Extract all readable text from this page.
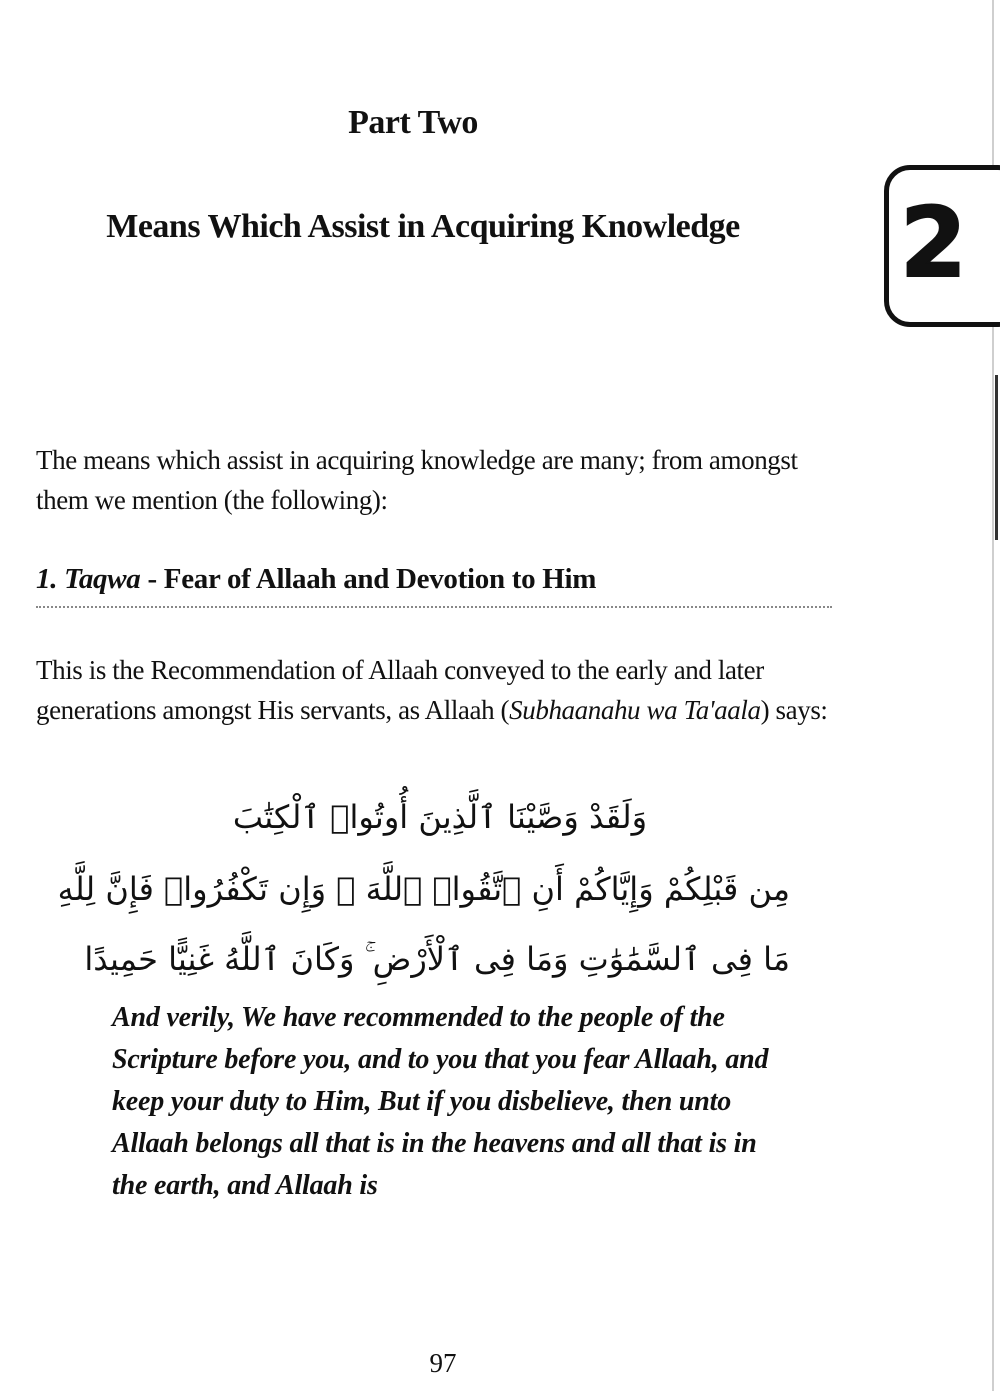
Part Two
Means Which Assist in Acquiring Knowledge	2
The means which assist in acquiring knowledge are many; from amongst them we mention (the following):
1. Taqwa - Fear of Allaah and Devotion to Him
This is the Recommendation of Allaah conveyed to the early and later generations amongst His servants, as Allaah (Subhaanahu wa Ta'aala) says:
وَلَقَدْ وَصَّيْنَا ٱلَّذِينَ أُوتُوا۟ ٱلْكِتَٰبَ
مِن قَبْلِكُمْ وَإِيَّاكُمْ أَنِ ٱتَّقُوا۟ ٱللَّهَ ۚ وَإِن تَكْفُرُوا۟ فَإِنَّ لِلَّهِ
مَا فِى ٱلسَّمَٰوَٰتِ وَمَا فِى ٱلْأَرْضِ ۚ وَكَانَ ٱللَّهُ غَنِيًّا حَمِيدًا
And verily, We have recommended to the people of the Scripture before you, and to you that you fear Allaah, and keep your duty to Him, But if you disbelieve, then unto Allaah belongs all that is in the heavens and all that is in the earth, and Allaah is
97
